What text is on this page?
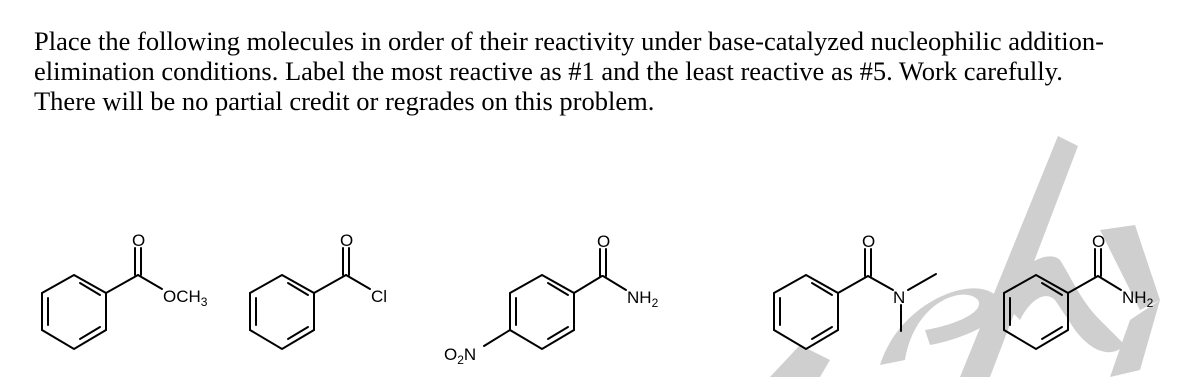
Place the following molecules in order of their reactivity under base-catalyzed nucleophilic addition-
elimination conditions. Label the most reactive as #1 and the least reactive as #5. Work carefully.
There will be no partial credit or regrades on this problem.
O
$OCH_3$
O
Cl
O
$NH_2$
$O_2N$
O
N
O
$NH_2$
